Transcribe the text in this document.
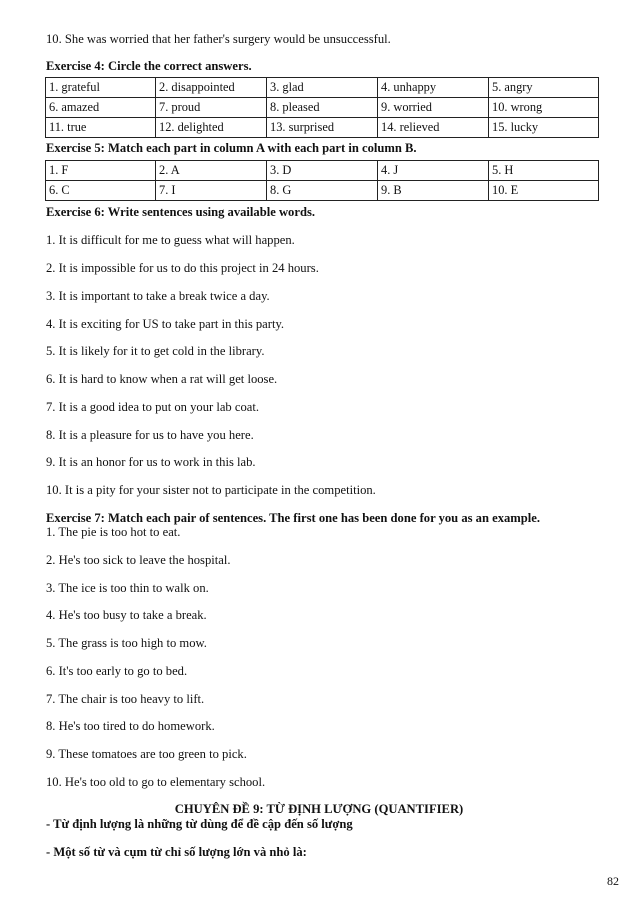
10. She was worried that her father's surgery would be unsuccessful.
Exercise 4: Circle the correct answers.
1. grateful	2. disappointed	3. glad	4. unhappy	5. angry
6. amazed	7. proud	8. pleased	9. worried	10. wrong
11. true	12. delighted	13. surprised	14. relieved	15. lucky
Exercise 5: Match each part in column A with each part in column B.
1. F	2. A	3. D	4. J	5. H
6. C	7. I	8. G	9. B	10. E
Exercise 6: Write sentences using available words.
1. It is difficult for me to guess what will happen.
2. It is impossible for us to do this project in 24 hours.
3. It is important to take a break twice a day.
4. It is exciting for US to take part in this party.
5. It is likely for it to get cold in the library.
6. It is hard to know when a rat will get loose.
7. It is a good idea to put on your lab coat.
8. It is a pleasure for us to have you here.
9. It is an honor for us to work in this lab.
10. It is a pity for your sister not to participate in the competition.
Exercise 7: Match each pair of sentences. The first one has been done for you as an example.
1. The pie is too hot to eat.
2. He's too sick to leave the hospital.
3. The ice is too thin to walk on.
4. He's too busy to take a break.
5. The grass is too high to mow.
6. It's too early to go to bed.
7. The chair is too heavy to lift.
8. He's too tired to do homework.
9. These tomatoes are too green to pick.
10. He's too old to go to elementary school.
CHUYÊN ĐỀ 9: TỪ ĐỊNH LƯỢNG (QUANTIFIER)
- Từ định lượng là những từ dùng để đề cập đến số lượng
- Một số từ và cụm từ chỉ số lượng lớn và nhỏ là:
82
